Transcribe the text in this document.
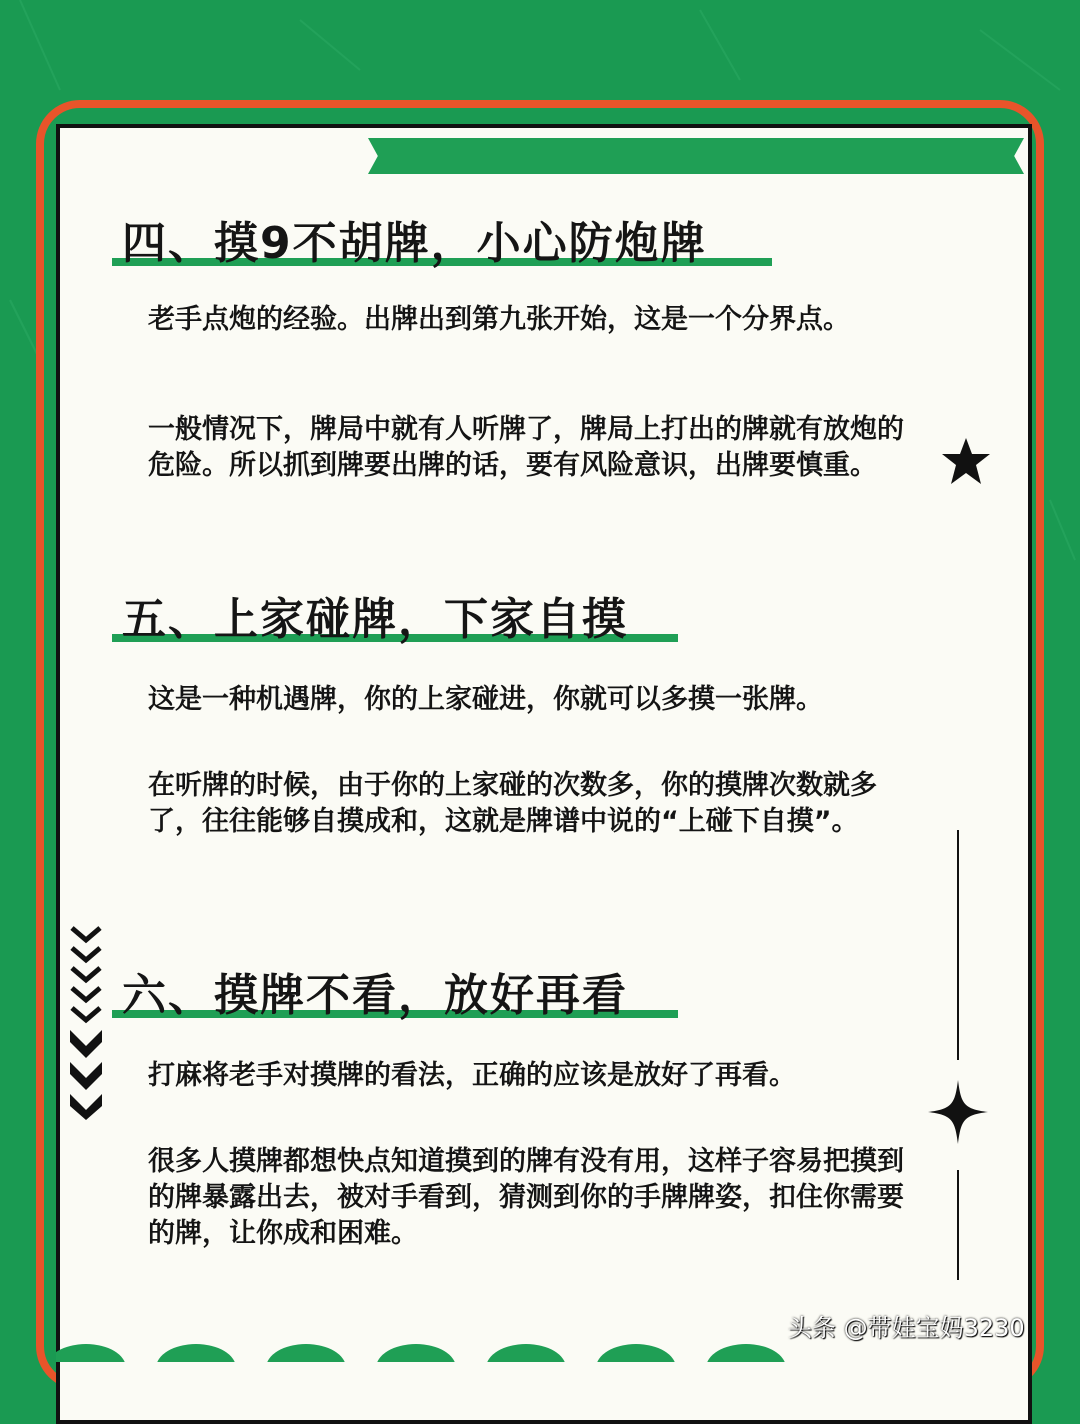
四、摸9不胡牌，小心防炮牌

老手点炮的经验。出牌出到第九张开始，这是一个分界点。

一般情况下，牌局中就有人听牌了，牌局上打出的牌就有放炮的危险。所以抓到牌要出牌的话，要有风险意识，出牌要慎重。

五、上家碰牌，下家自摸

这是一种机遇牌，你的上家碰进，你就可以多摸一张牌。

在听牌的时候，由于你的上家碰的次数多，你的摸牌次数就多了，往往能够自摸成和，这就是牌谱中说的“上碰下自摸”。

六、摸牌不看，放好再看

打麻将老手对摸牌的看法，正确的应该是放好了再看。

很多人摸牌都想快点知道摸到的牌有没有用，这样子容易把摸到的牌暴露出去，被对手看到，猜测到你的手牌牌姿，扣住你需要的牌，让你成和困难。

头条 @带娃宝妈3230
